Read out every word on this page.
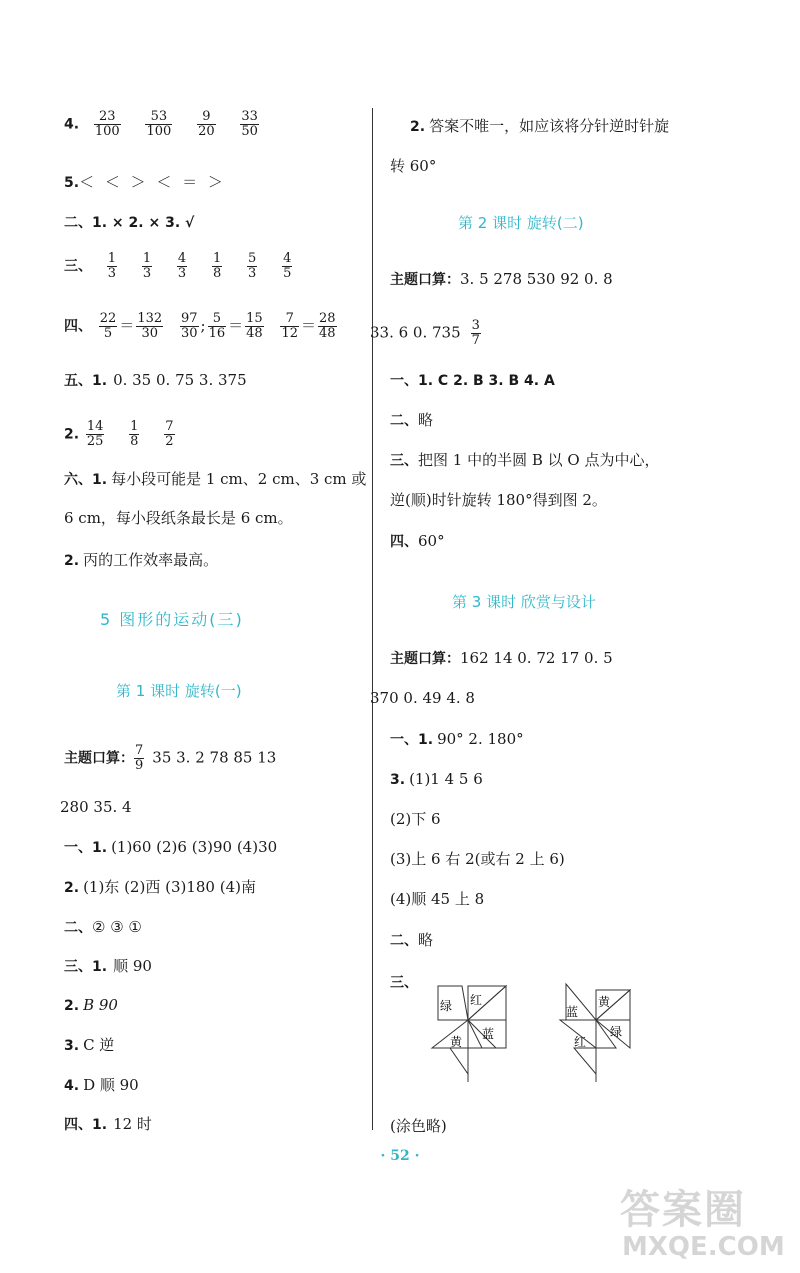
4. $\frac{23}{100}$
$\frac{53}{100}$
$\frac{9}{20}$
$\frac{33}{50}$
5.＜ ＜ ＞ ＜ ＝ ＞
二、1. × 2. × 3. √
三、 $\frac{1}{3}$
$\frac{1}{3}$
$\frac{4}{3}$
$\frac{1}{8}$
$\frac{5}{3}$
$\frac{4}{5}$
四、 $\frac{22}{5} = \frac{132}{30}$
$\frac{97}{30}$ ; $\frac{5}{16} = \frac{15}{48}$
$\frac{7}{12} = \frac{28}{48}$
五、1. 0. 35 0. 75 3. 375
2. $\frac{14}{25}$
$\frac{1}{8}$
$\frac{7}{2}$
六、1. 每小段可能是 1 cm、2 cm、3 cm 或
6 cm，每小段纸条最长是 6 cm。
2. 丙的工作效率最高。
5 图形的运动(三)
第 1 课时 旋转(一)
主题口算： $\frac{7}{9} 35$ 3. 2 78 85 13
280 35. 4
一、1. (1)60 (2)6 (3)90 (4)30
2. (1)东 (2)西 (3)180 (4)南
二、② ③ ①
三、1. 顺 90
2. B 90
3. C 逆
4. D 顺 90
四、1. 12 时
2. 答案不唯一，如应该将分针逆时针旋
转 60°
第 2 课时 旋转(二)
主题口算：3. 5 278 530 92 0. 8
33. 6 0. $735 \frac{3}{7}$
一、1. C 2. B 3. B 4. A
二、略
三、把图 1 中的半圆 B 以 O 点为中心，
逆(顺)时针旋转 180°得到图 2。
四、60°
第 3 课时 欣赏与设计
主题口算：162 14 0. 72 17 0. 5
370 0. 49 4. 8
一、1. 90° 2. 180°
3. (1)1 4 5 6
(2)下 6
(3)上 6 右 2(或右 2 上 6)
(4)顺 45 上 8
二、略
三、
绿 红
蓝
黄
蓝
黄
绿
红
(涂色略)
· 52 ·
答案圈
MXQE.COM
